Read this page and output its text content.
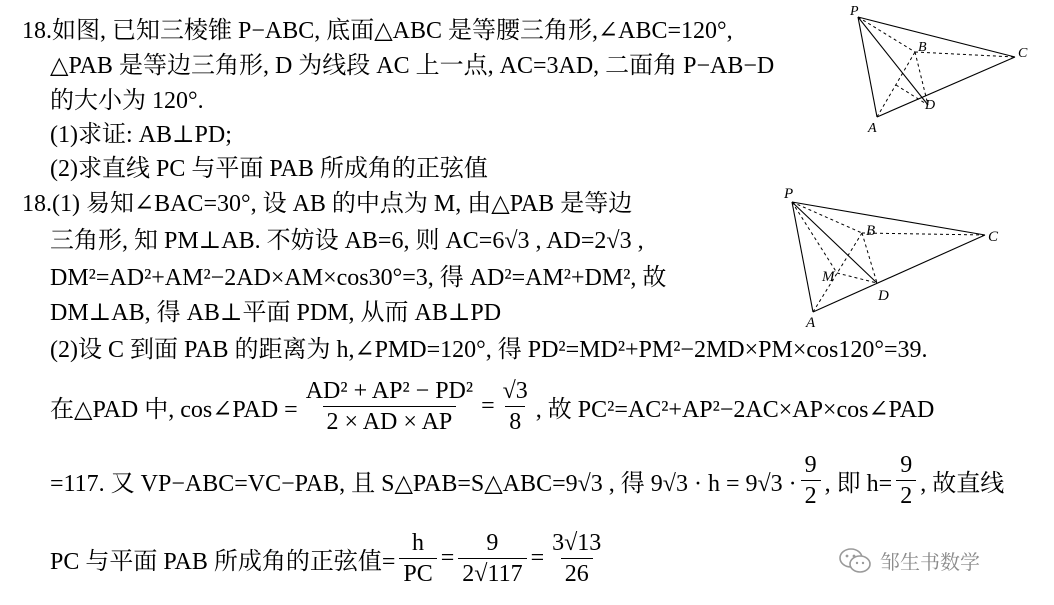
18.如图, 已知三棱锥 P−ABC, 底面△ABC 是等腰三角形,∠ABC=120°,
△PAB 是等边三角形, D 为线段 AC 上一点, AC=3AD, 二面角 P−AB−D
的大小为 120°.
(1)求证: AB⊥PD;
(2)求直线 PC 与平面 PAB 所成角的正弦值
P
B	C
D
A
18.(1) 易知∠BAC=30°, 设 AB 的中点为 M, 由△PAB 是等边
三角形, 知 PM⊥AB. 不妨设 AB=6, 则 AC=6√3 , AD=2√3 ,
DM²=AD²+AM²−2AD×AM×cos30°=3, 得 AD²=AM²+DM², 故
DM⊥AB, 得 AB⊥平面 PDM, 从而 AB⊥PD
(2)设 C 到面 PAB 的距离为 h,∠PMD=120°, 得 PD²=MD²+PM²−2MD×PM×cos120°=39.
P
B	C
M
D
A
在△PAD 中, cos∠PAD = $\frac{\text{AD² + AP² − PD²}}{2 \times AD \times AP} = \frac{√3}{8}$ , 故 PC²=AC²+AP²−2AC×AP×cos∠PAD
=117. 又 VP−ABC=VC−PAB, 且 S△PAB=S△ABC=9√3 , 得 $9√3 \cdot h = 9√3 \cdot \frac{9}{2}$ , 即 $h= \frac{9}{2}$ , 故直线
PC 与平面 PAB 所成角的正弦值= $\frac{h}{PC} = \frac{9}{2√117} = \frac{3√13}{26}$	邹生书数学
